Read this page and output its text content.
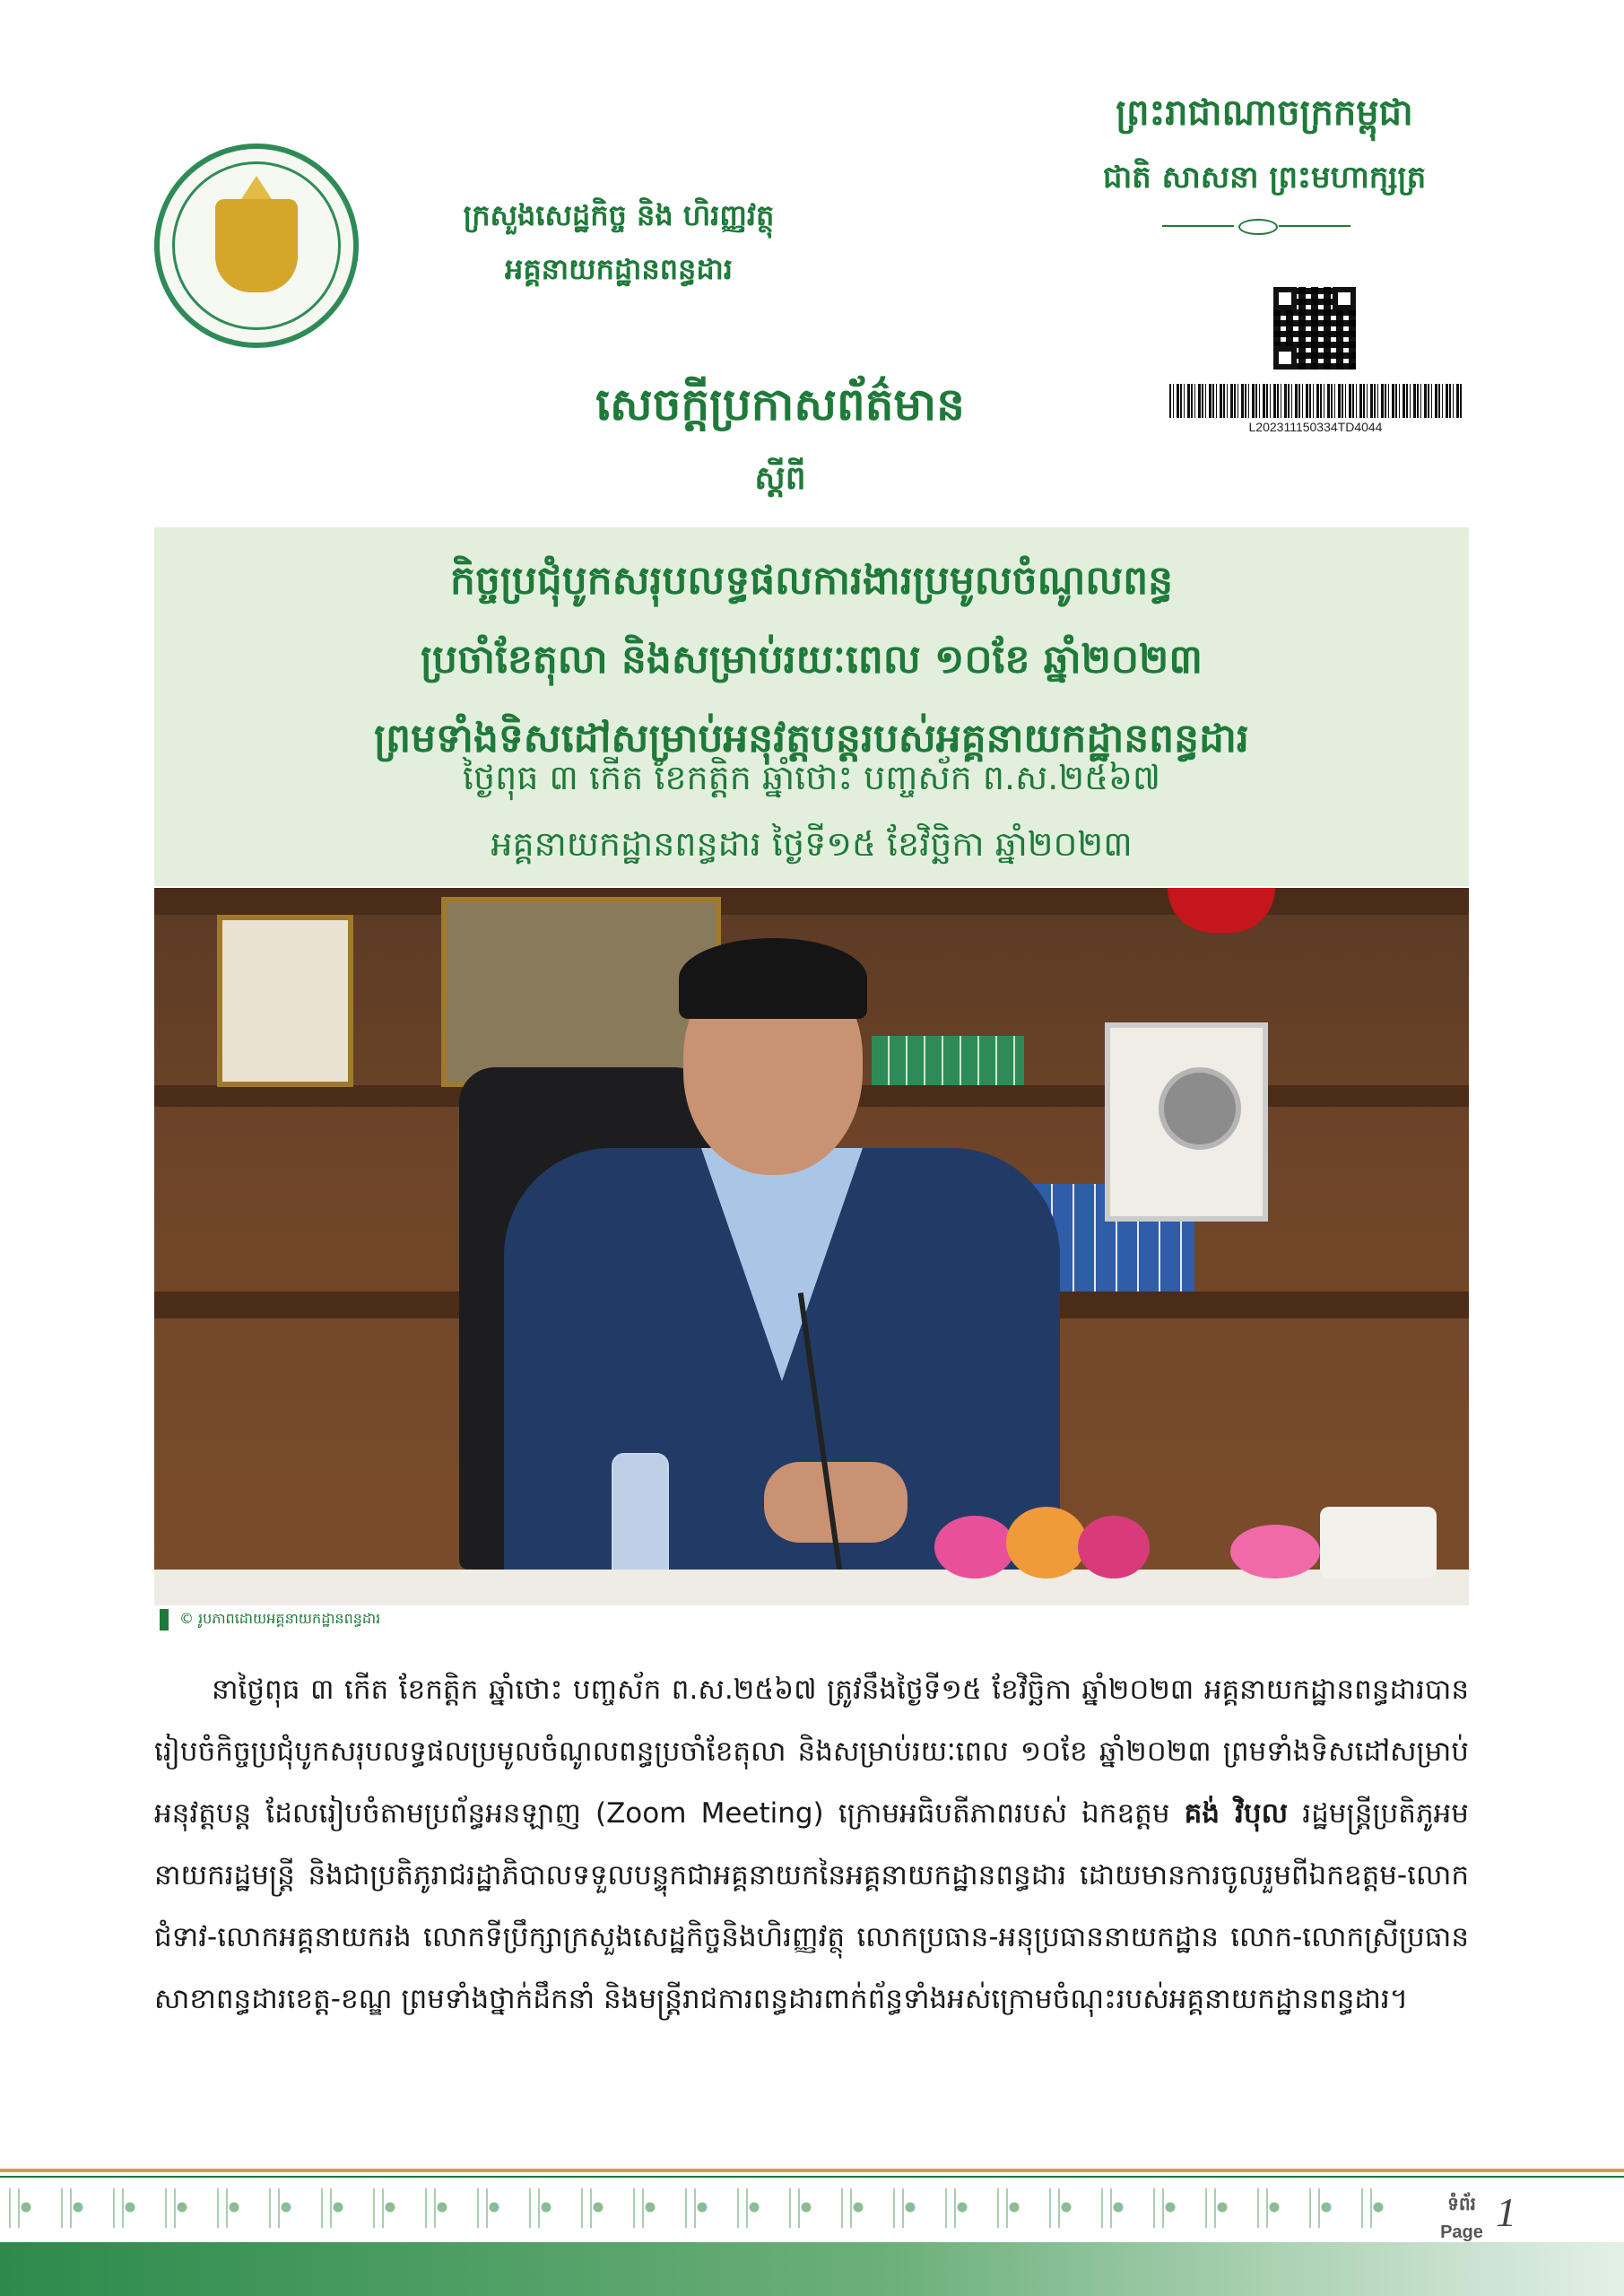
ក្រសួងសេដ្ឋកិច្ច និង ហិរញ្ញវត្ថុ
អគ្គនាយកដ្ឋានពន្ធដារ
ព្រះរាជាណាចក្រកម្ពុជា
ជាតិ សាសនា ព្រះមហាក្សត្រ
L202311150334TD4044
សេចក្តីប្រកាសព័ត៌មាន
ស្តីពី
កិច្ចប្រជុំបូកសរុបលទ្ធផលការងារប្រមូលចំណូលពន្ធ
ប្រចាំខែតុលា និងសម្រាប់រយៈពេល ១០ខែ ឆ្នាំ២០២៣
ព្រមទាំងទិសដៅសម្រាប់អនុវត្តបន្តរបស់អគ្គនាយកដ្ឋានពន្ធដារ
ថ្ងៃពុធ ៣ កើត ខែកត្តិក ឆ្នាំថោះ បញ្ចស័ក ព.ស.២៥៦៧
អគ្គនាយកដ្ឋានពន្ធដារ ថ្ងៃទី១៥ ខែវិច្ឆិកា ឆ្នាំ២០២៣
© រូបភាពដោយអគ្គនាយកដ្ឋានពន្ធដារ

នាថ្ងៃពុធ ៣ កើត ខែកត្តិក ឆ្នាំថោះ បញ្ចស័ក ព.ស.២៥៦៧ ត្រូវនឹងថ្ងៃទី១៥ ខែវិច្ឆិកា ឆ្នាំ២០២៣ អគ្គនាយកដ្ឋានពន្ធដារបានរៀបចំកិច្ចប្រជុំបូកសរុបលទ្ធផលប្រមូលចំណូលពន្ធប្រចាំខែតុលា និងសម្រាប់រយៈពេល ១០ខែ ឆ្នាំ២០២៣ ព្រមទាំងទិសដៅសម្រាប់អនុវត្តបន្ត ដែលរៀបចំតាមប្រព័ន្ធអនឡាញ (Zoom Meeting) ក្រោមអធិបតីភាពរបស់ ឯកឧត្តម គង់ វិបុល រដ្ឋមន្ត្រីប្រតិភូអមនាយករដ្ឋមន្ត្រី និងជាប្រតិភូរាជរដ្ឋាភិបាលទទួលបន្ទុកជាអគ្គនាយកនៃអគ្គនាយកដ្ឋានពន្ធដារ ដោយមានការចូលរួមពីឯកឧត្តម-លោកជំទាវ-លោកអគ្គនាយករង លោកទីប្រឹក្សាក្រសួងសេដ្ឋកិច្ចនិងហិរញ្ញវត្ថុ លោកប្រធាន-អនុប្រធាននាយកដ្ឋាន លោក-លោកស្រីប្រធានសាខាពន្ធដារខេត្ត-ខណ្ឌ ព្រមទាំងថ្នាក់ដឹកនាំ និងមន្ត្រីរាជការពន្ធដារពាក់ព័ន្ធទាំងអស់ក្រោមចំណុះរបស់អគ្គនាយកដ្ឋានពន្ធដារ។

ទំព័រ
Page 1
